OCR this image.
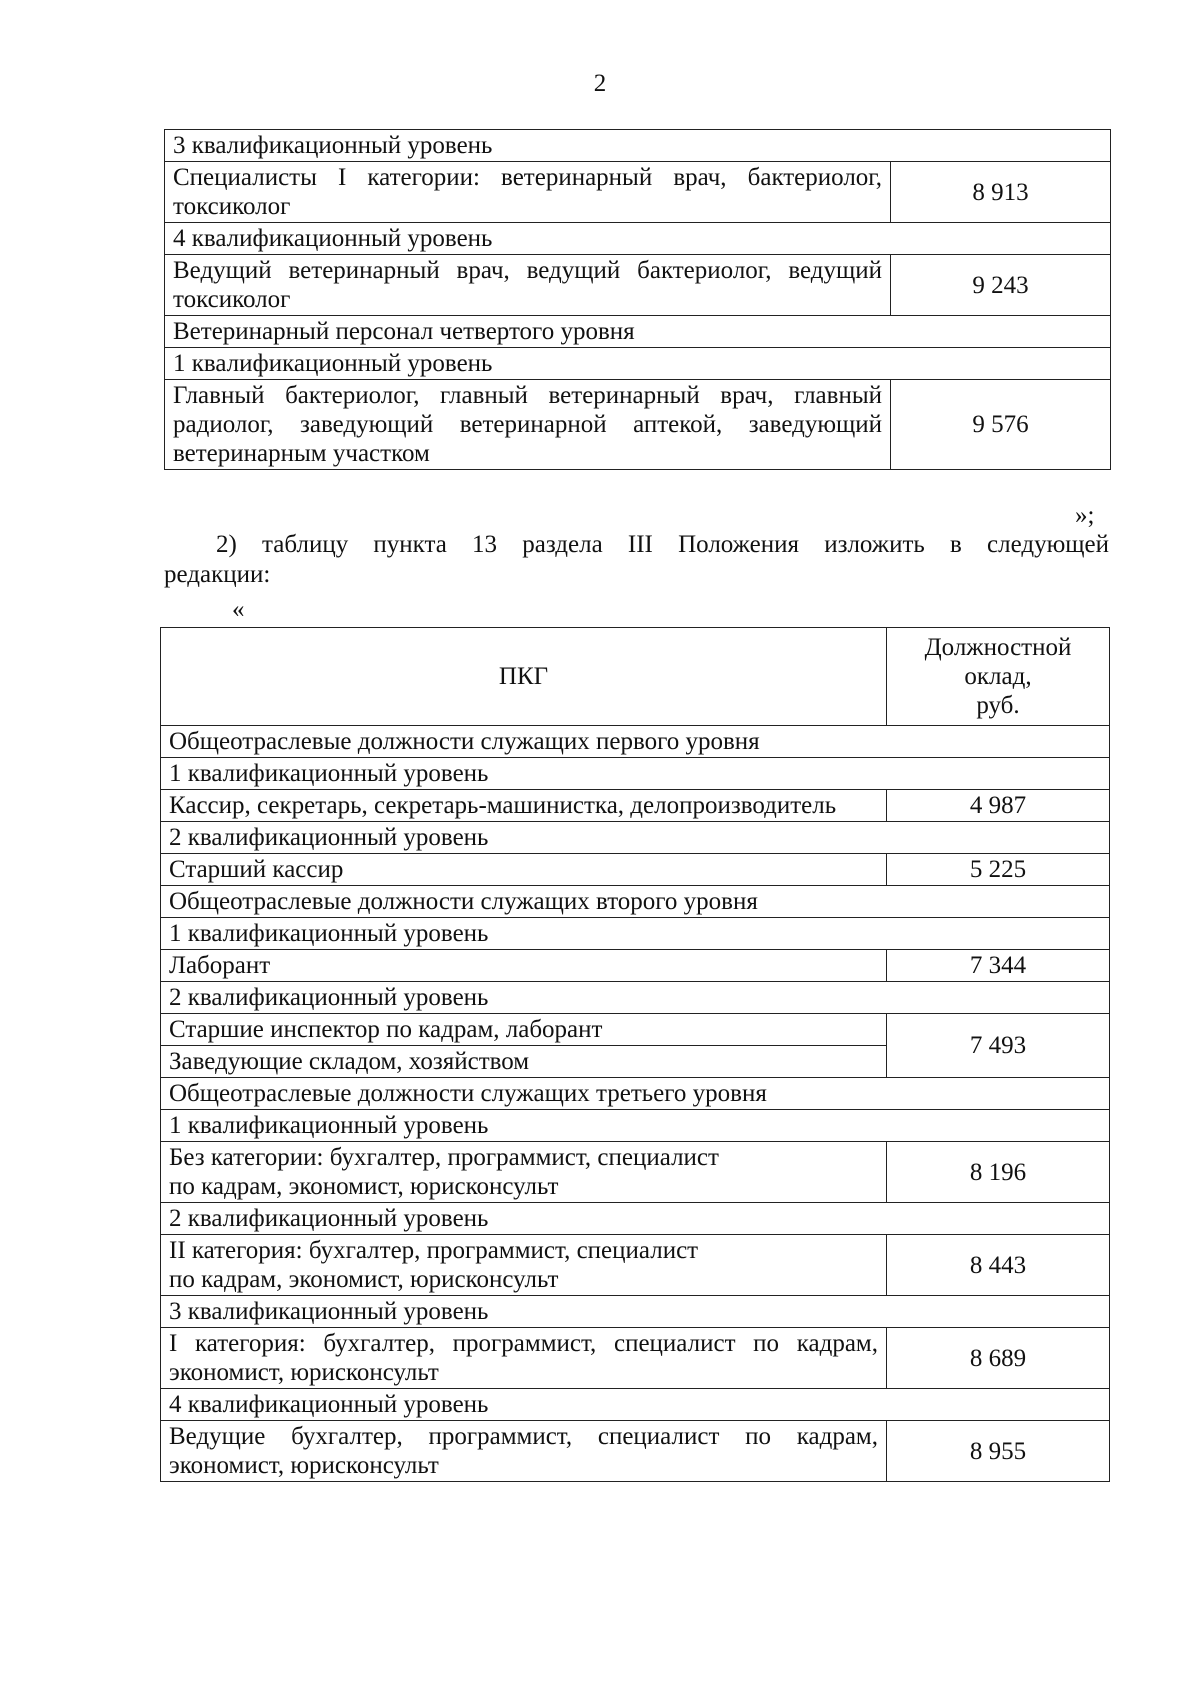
2
3 квалификационный уровень	
Специалисты I категории: ветеринарный врач, бактериолог, токсиколог	8 913
4 квалификационный уровень	
Ведущий ветеринарный врач, ведущий бактериолог, ведущий токсиколог	9 243
Ветеринарный персонал четвертого уровня	
1 квалификационный уровень	
Главный бактериолог, главный ветеринарный врач, главный радиолог, заведующий ветеринарной аптекой, заведующий ветеринарным участком	9 576
»;
2) таблицу пункта 13 раздела III Положения изложить в следующей
редакции:
«
ПКГ	Должностной
оклад,
руб.

Общеотраслевые должности служащих первого уровня	
1 квалификационный уровень	
Кассир, секретарь, секретарь-машинистка, делопроизводитель	4 987
2 квалификационный уровень	
Старший кассир	5 225
Общеотраслевые должности служащих второго уровня	
1 квалификационный уровень	
Лаборант	7 344
2 квалификационный уровень	
Старшие инспектор по кадрам, лаборант	7 493
Заведующие складом, хозяйством	
Общеотраслевые должности служащих третьего уровня	
1 квалификационный уровень	

Без категории: бухгалтер, программист, специалист
по кадрам, экономист, юрисконсульт	8 196
2 квалификационный уровень	

II категория: бухгалтер, программист, специалист
по кадрам, экономист, юрисконсульт	8 443
3 квалификационный уровень	
I категория: бухгалтер, программист, специалист по кадрам, экономист, юрисконсульт	8 689
4 квалификационный уровень	
Ведущие бухгалтер, программист, специалист по кадрам, экономист, юрисконсульт	8 955
